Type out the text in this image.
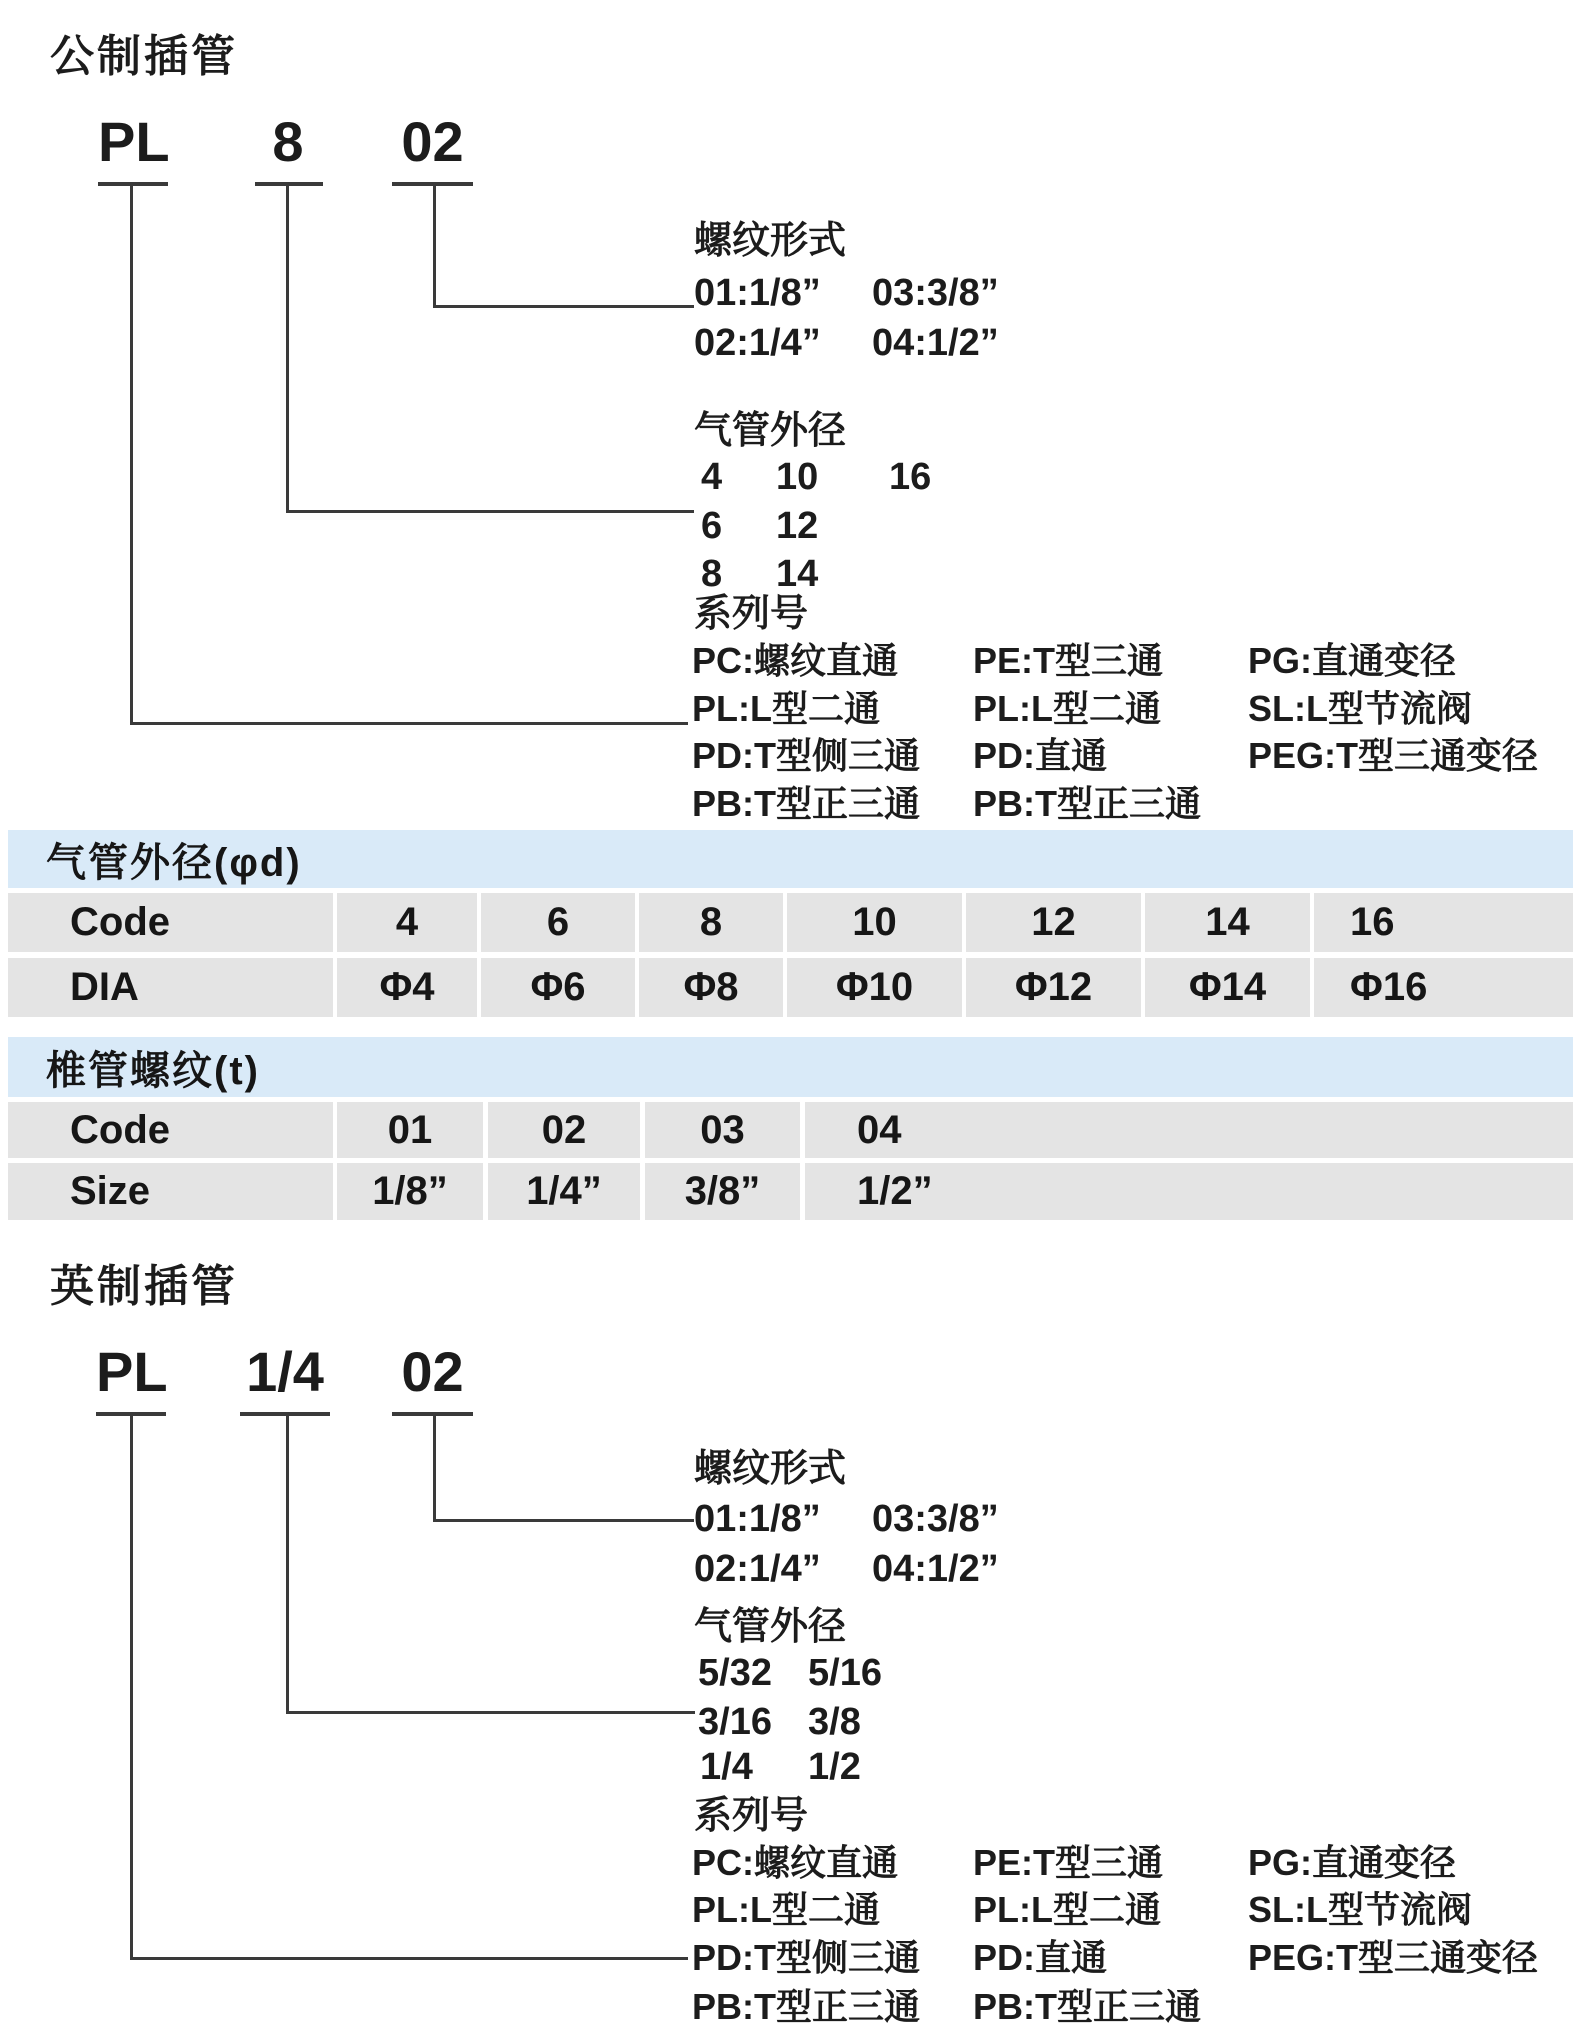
公制插管
PL	8	02
螺纹形式
01:1/8” 03:3/8”
02:1/4” 04:1/2”
气管外径
4 10 16
6 12
8 14
系列号
PC:螺纹直通 PE:T型三通 PG:直通变径
PL:L型二通	PL:L型二通 SL:L型节流阀
PD:T型侧三通 PD:直通	PEG:T型三通变径
PB:T型正三通 PB:T型正三通
气管外径(φd)
Code	4	6	8	10	12	14	16
DIA	Φ4	Φ6	Φ8	Φ10	Φ12	Φ14	Φ16
椎管螺纹(t)
Code	01	02	03	04
Size	1/8”	1/4”	3/8”	1/2”
英制插管
PL 1/4 02
螺纹形式
01:1/8” 03:3/8”
02:1/4” 04:1/2”
气管外径
5/32 5/16
3/16 3/8
1/4 1/2
系列号
PC:螺纹直通 PE:T型三通 PG:直通变径
PL:L型二通	PL:L型二通 SL:L型节流阀
PD:T型侧三通 PD:直通	PEG:T型三通变径
PB:T型正三通 PB:T型正三通
